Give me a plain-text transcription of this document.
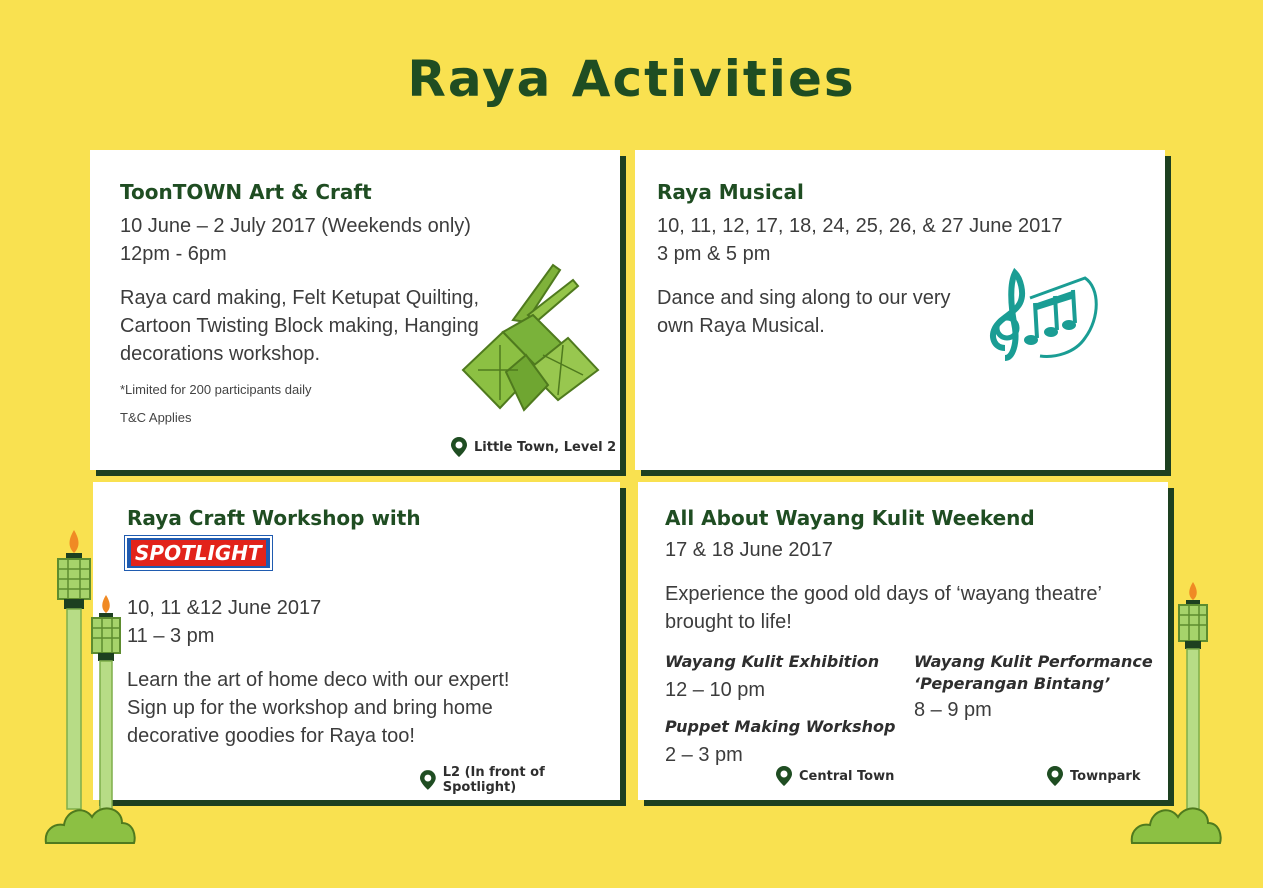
Raya Activities
ToonTOWN Art & Craft
10 June – 2 July 2017 (Weekends only)
12pm - 6pm
Raya card making, Felt Ketupat Quilting,
Cartoon Twisting Block making, Hanging
decorations workshop.
*Limited for 200 participants daily
T&C Applies
Little Town, Level 2
Raya Musical
10, 11, 12, 17, 18, 24, 25, 26, & 27 June 2017
3 pm & 5 pm
Dance and sing along to our very
own Raya Musical.
Raya Craft Workshop with
SPOTLIGHT
10, 11 &12 June 2017
11 – 3 pm
Learn the art of home deco with our expert!
Sign up for the workshop and bring home
decorative goodies for Raya too!
L2 (In front of Spotlight)
All About Wayang Kulit Weekend
17 & 18 June 2017
Experience the good old days of ‘wayang theatre’
brought to life!
Wayang Kulit Exhibition
12 – 10 pm
Puppet Making Workshop
2 – 3 pm
Wayang Kulit Performance
‘Peperangan Bintang’
8 – 9 pm
Central Town	Townpark
